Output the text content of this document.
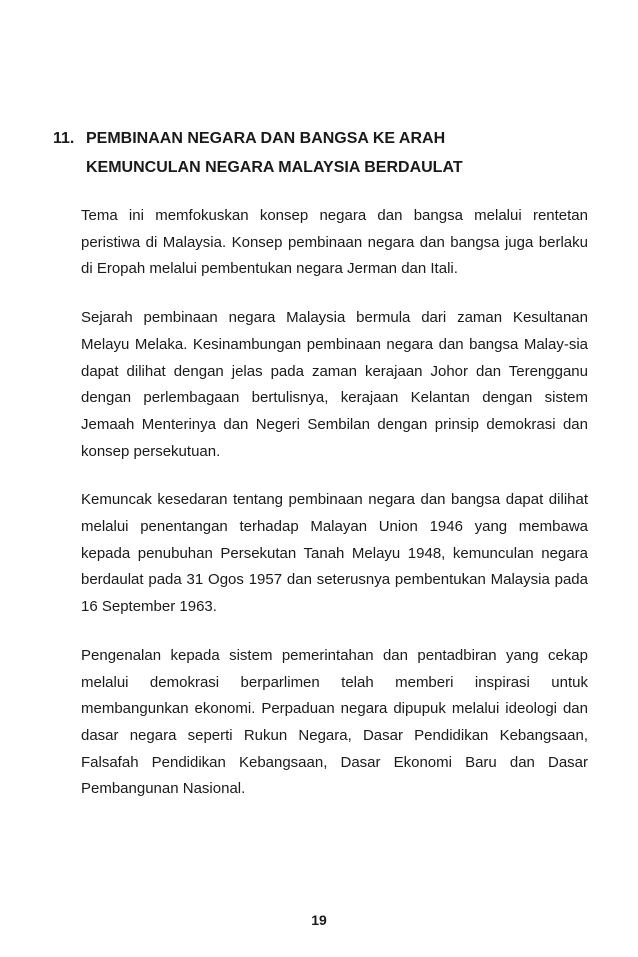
11. PEMBINAAN NEGARA DAN BANGSA KE ARAH
KEMUNCULAN NEGARA MALAYSIA BERDAULAT

Tema ini memfokuskan konsep negara dan bangsa melalui rentetan peristiwa di Malaysia. Konsep pembinaan negara dan bangsa juga berlaku di Eropah melalui pembentukan negara Jerman dan Itali.

Sejarah pembinaan negara Malaysia bermula dari zaman Kesultanan Melayu Melaka. Kesinambungan pembinaan negara dan bangsa Malay-sia dapat dilihat dengan jelas pada zaman kerajaan Johor dan Terengganu dengan perlembagaan bertulisnya, kerajaan Kelantan dengan sistem Jemaah Menterinya dan Negeri Sembilan dengan prinsip demokrasi dan konsep persekutuan.

Kemuncak kesedaran tentang pembinaan negara dan bangsa dapat dilihat melalui penentangan terhadap Malayan Union 1946 yang membawa kepada penubuhan Persekutan Tanah Melayu 1948, kemunculan negara berdaulat pada 31 Ogos 1957 dan seterusnya pembentukan Malaysia pada 16 September 1963.

Pengenalan kepada sistem pemerintahan dan pentadbiran yang cekap melalui demokrasi berparlimen telah memberi inspirasi untuk membangunkan ekonomi. Perpaduan negara dipupuk melalui ideologi dan dasar negara seperti Rukun Negara, Dasar Pendidikan Kebangsaan, Falsafah Pendidikan Kebangsaan, Dasar Ekonomi Baru dan Dasar Pembangunan Nasional.

19
